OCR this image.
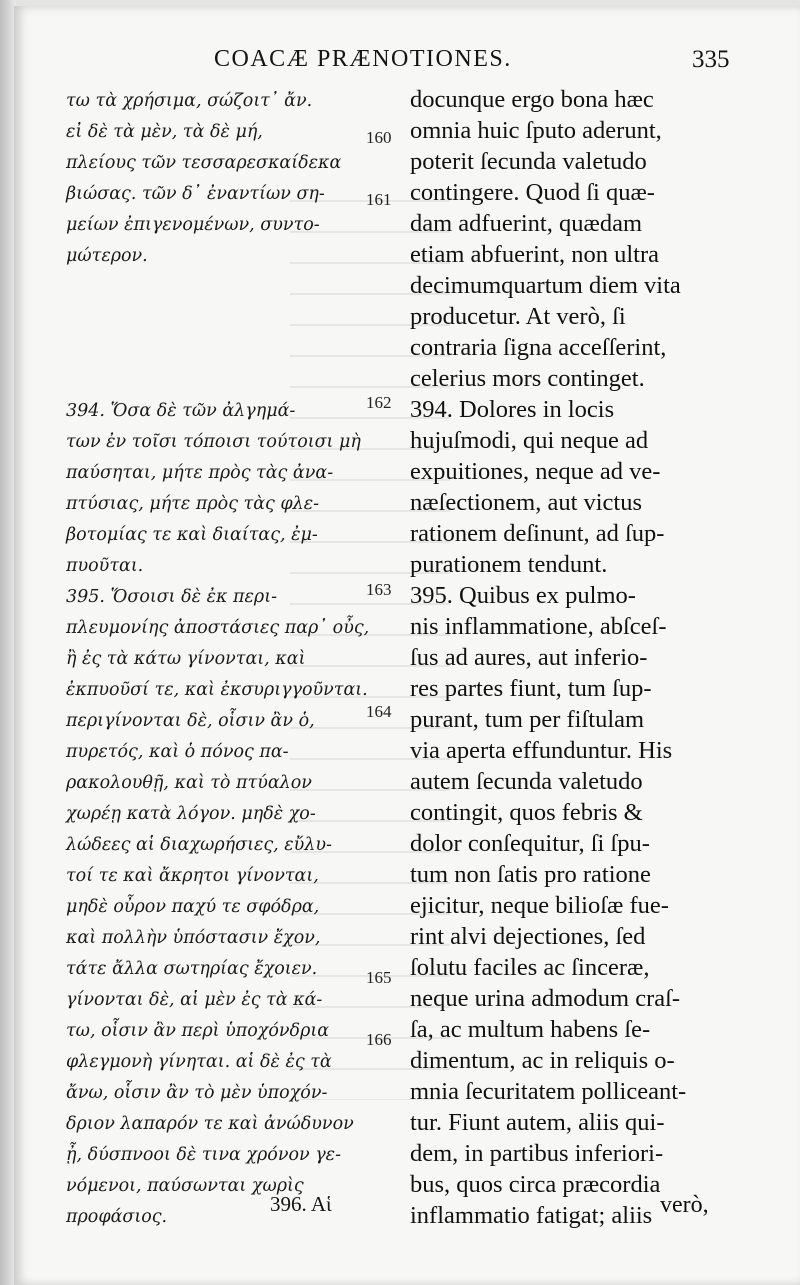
COACÆ PRÆNOTIONES.	335
τω τὰ χρήσιμα, σώζοιτ᾽ ἄν.
εἰ δὲ τὰ μὲν, τὰ δὲ μή,
πλείους τῶν τεσσαρεσκαίδεκα
βιώσας. τῶν δ᾽ ἐναντίων ση-
μείων ἐπιγενομένων, συντο-
μώτερον.
394. Ὅσα δὲ τῶν ἀλγημά-
των ἐν τοῖσι τόποισι τούτοισι μὴ
παύσηται, μήτε πρὸς τὰς ἀνα-
πτύσιας, μήτε πρὸς τὰς φλε-
βοτομίας τε καὶ διαίτας, ἐμ-
πυοῦται.
395. Ὅσοισι δὲ ἐκ περι-
πλευμονίης ἀποστάσιες παρ᾽ οὖς,
ἢ ἐς τὰ κάτω γίνονται, καὶ
ἐκπυοῦσί τε, καὶ ἐκσυριγγοῦνται.
περιγίνονται δὲ, οἷσιν ἂν ὁ,
πυρετός, καὶ ὁ πόνος πα-
ρακολουθῇ, καὶ τὸ πτύαλον
χωρέῃ κατὰ λόγον. μηδὲ χο-
λώδεες αἱ διαχωρήσιες, εὔλυ-
τοί τε καὶ ἄκρητοι γίνονται,
μηδὲ οὖρον παχύ τε σφόδρα,
καὶ πολλὴν ὑπόστασιν ἔχον,
τάτε ἄλλα σωτηρίας ἔχοιεν.
γίνονται δὲ, αἱ μὲν ἐς τὰ κά-
τω, οἷσιν ἂν περὶ ὑποχόνδρια
φλεγμονὴ γίνηται. αἱ δὲ ἐς τὰ
ἄνω, οἷσιν ἂν τὸ μὲν ὑποχόν-
δριον λαπαρόν τε καὶ ἀνώδυνον
ᾖ, δύσπνοοι δὲ τινα χρόνον γε-
νόμενοι, παύσωνται χωρὶς
προφάσιος.
docunque ergo bona hæc
omnia huic ſputo aderunt,
poterit ſecunda valetudo
contingere. Quod ſi quæ-
dam adfuerint, quædam
etiam abfuerint, non ultra
decimumquartum diem vita
producetur. At verò, ſi
contraria ſigna acceſſerint,
celerius mors continget.
394. Dolores in locis
hujuſmodi, qui neque ad
expuitiones, neque ad ve-
næſectionem, aut victus
rationem deſinunt, ad ſup-
purationem tendunt.
395. Quibus ex pulmo-
nis inflammatione, abſceſ-
ſus ad aures, aut inferio-
res partes fiunt, tum ſup-
purant, tum per fiſtulam
via aperta effunduntur. His
autem ſecunda valetudo
contingit, quos febris &
dolor conſequitur, ſi ſpu-
tum non ſatis pro ratione
ejicitur, neque bilioſæ fue-
rint alvi dejectiones, ſed
ſolutu faciles ac ſinceræ,
neque urina admodum craſ-
ſa, ac multum habens ſe-
dimentum, ac in reliquis o-
mnia ſecuritatem polliceant-
tur. Fiunt autem, aliis qui-
dem, in partibus inferiori-
bus, quos circa præcordia
inflammatio fatigat; aliis
160
161
162
163
164
165
166
396. Αἱ	verò,
